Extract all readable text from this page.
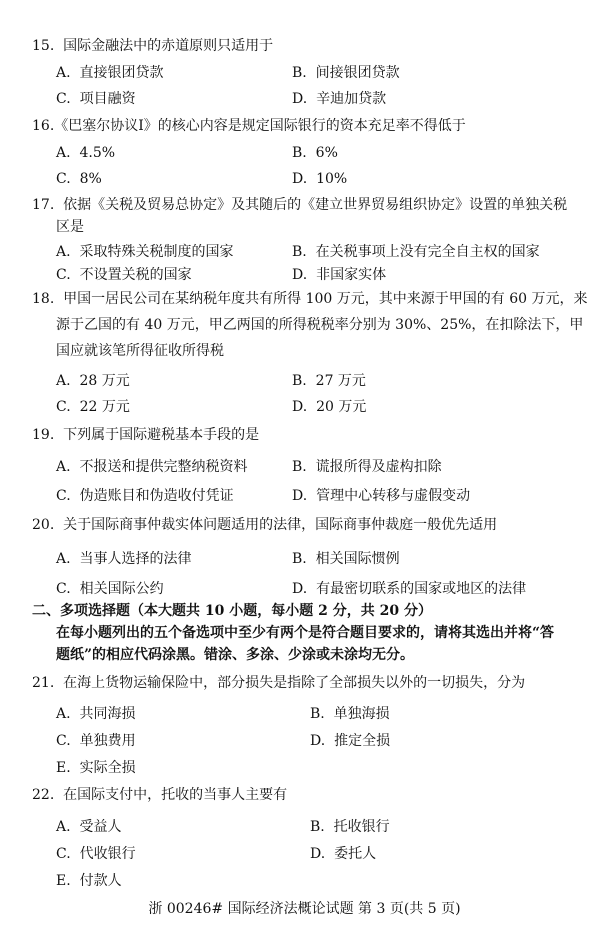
15. 国际金融法中的赤道原则只适用于
A. 直接银团贷款	B. 间接银团贷款
C. 项目融资	D. 辛迪加贷款
16.《巴塞尔协议Ⅰ》的核心内容是规定国际银行的资本充足率不得低于
A. 4.5%	B. 6%
C. 8%	D. 10%
17. 依据《关税及贸易总协定》及其随后的《建立世界贸易组织协定》设置的单独关税
区是
A. 采取特殊关税制度的国家	B. 在关税事项上没有完全自主权的国家
C. 不设置关税的国家	D. 非国家实体
18. 甲国一居民公司在某纳税年度共有所得 100 万元，其中来源于甲国的有 60 万元，来
源于乙国的有 40 万元，甲乙两国的所得税税率分别为 30%、25%，在扣除法下，甲
国应就该笔所得征收所得税
A. 28 万元	B. 27 万元
C. 22 万元	D. 20 万元
19. 下列属于国际避税基本手段的是
A. 不报送和提供完整纳税资料	B. 谎报所得及虚构扣除
C. 伪造账目和伪造收付凭证	D. 管理中心转移与虚假变动
20. 关于国际商事仲裁实体问题适用的法律，国际商事仲裁庭一般优先适用
A. 当事人选择的法律	B. 相关国际惯例
C. 相关国际公约	D. 有最密切联系的国家或地区的法律
二、多项选择题（本大题共 10 小题，每小题 2 分，共 20 分）
在每小题列出的五个备选项中至少有两个是符合题目要求的，请将其选出并将“答
题纸”的相应代码涂黑。错涂、多涂、少涂或未涂均无分。
21. 在海上货物运输保险中，部分损失是指除了全部损失以外的一切损失，分为
A. 共同海损	B. 单独海损
C. 单独费用	D. 推定全损
E. 实际全损
22. 在国际支付中，托收的当事人主要有
A. 受益人	B. 托收银行
C. 代收银行	D. 委托人
E. 付款人
浙 00246# 国际经济法概论试题 第 3 页(共 5 页)
